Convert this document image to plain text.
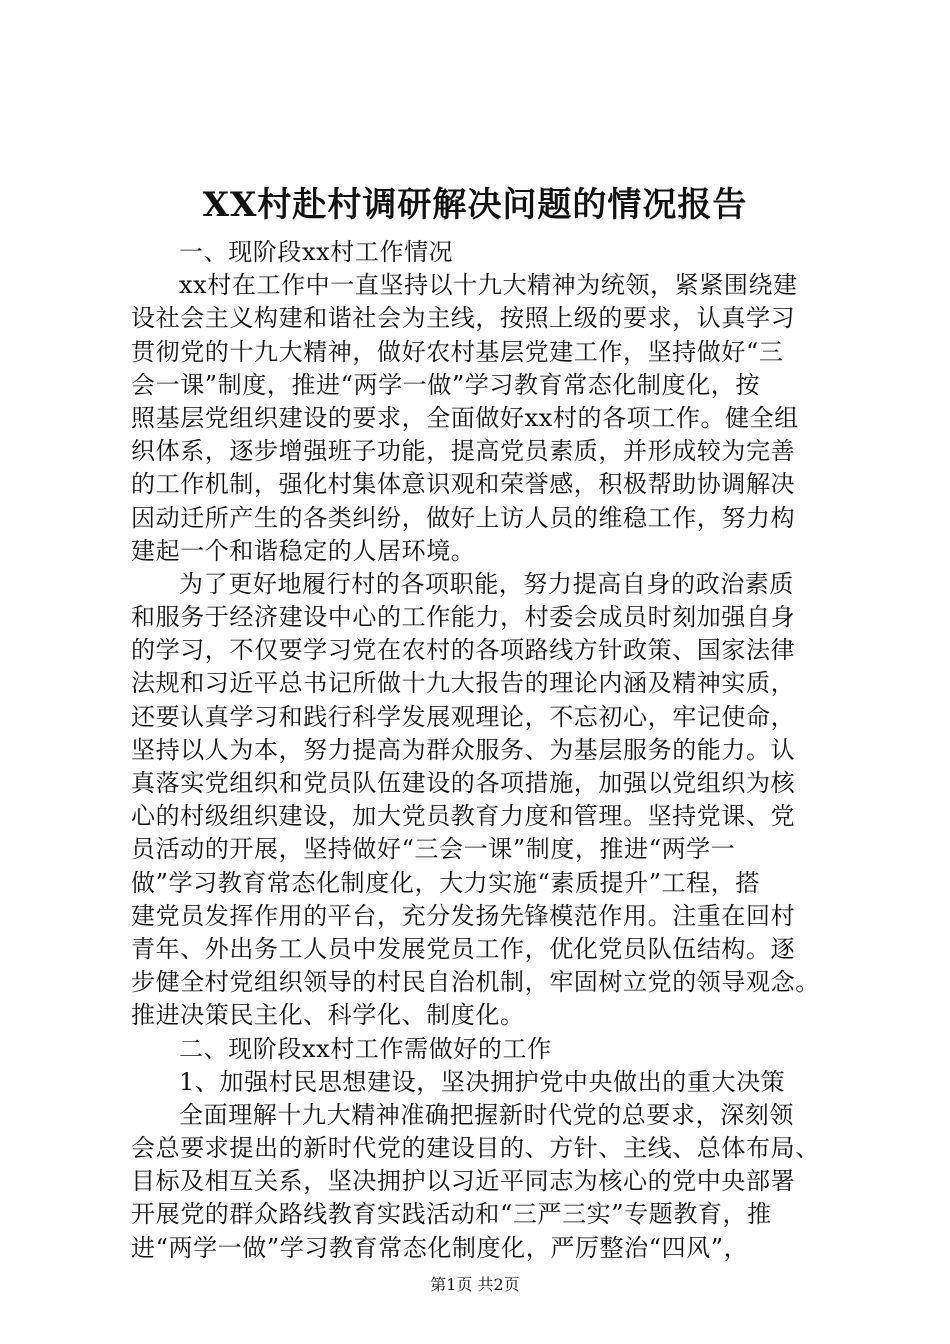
XX村赴村调研解决问题的情况报告
一、现阶段xx村工作情况
xx村在工作中一直坚持以十九大精神为统领，紧紧围绕建
设社会主义构建和谐社会为主线，按照上级的要求，认真学习
贯彻党的十九大精神，做好农村基层党建工作，坚持做好“三
会一课”制度，推进“两学一做”学习教育常态化制度化，按
照基层党组织建设的要求，全面做好xx村的各项工作。健全组
织体系，逐步增强班子功能，提高党员素质，并形成较为完善
的工作机制，强化村集体意识观和荣誉感，积极帮助协调解决
因动迁所产生的各类纠纷，做好上访人员的维稳工作，努力构
建起一个和谐稳定的人居环境。
为了更好地履行村的各项职能，努力提高自身的政治素质
和服务于经济建设中心的工作能力，村委会成员时刻加强自身
的学习，不仅要学习党在农村的各项路线方针政策、国家法律
法规和习近平总书记所做十九大报告的理论内涵及精神实质，
还要认真学习和践行科学发展观理论，不忘初心，牢记使命，
坚持以人为本，努力提高为群众服务、为基层服务的能力。认
真落实党组织和党员队伍建设的各项措施，加强以党组织为核
心的村级组织建设，加大党员教育力度和管理。坚持党课、党
员活动的开展，坚持做好“三会一课”制度，推进“两学一
做”学习教育常态化制度化，大力实施“素质提升”工程，搭
建党员发挥作用的平台，充分发扬先锋模范作用。注重在回村
青年、外出务工人员中发展党员工作，优化党员队伍结构。逐
步健全村党组织领导的村民自治机制，牢固树立党的领导观念。
推进决策民主化、科学化、制度化。
二、现阶段xx村工作需做好的工作
1、加强村民思想建设，坚决拥护党中央做出的重大决策
全面理解十九大精神准确把握新时代党的总要求，深刻领
会总要求提出的新时代党的建设目的、方针、主线、总体布局、
目标及相互关系，坚决拥护以习近平同志为核心的党中央部署
开展党的群众路线教育实践活动和“三严三实”专题教育，推
进“两学一做”学习教育常态化制度化，严厉整治“四风”，
第1页 共2页
